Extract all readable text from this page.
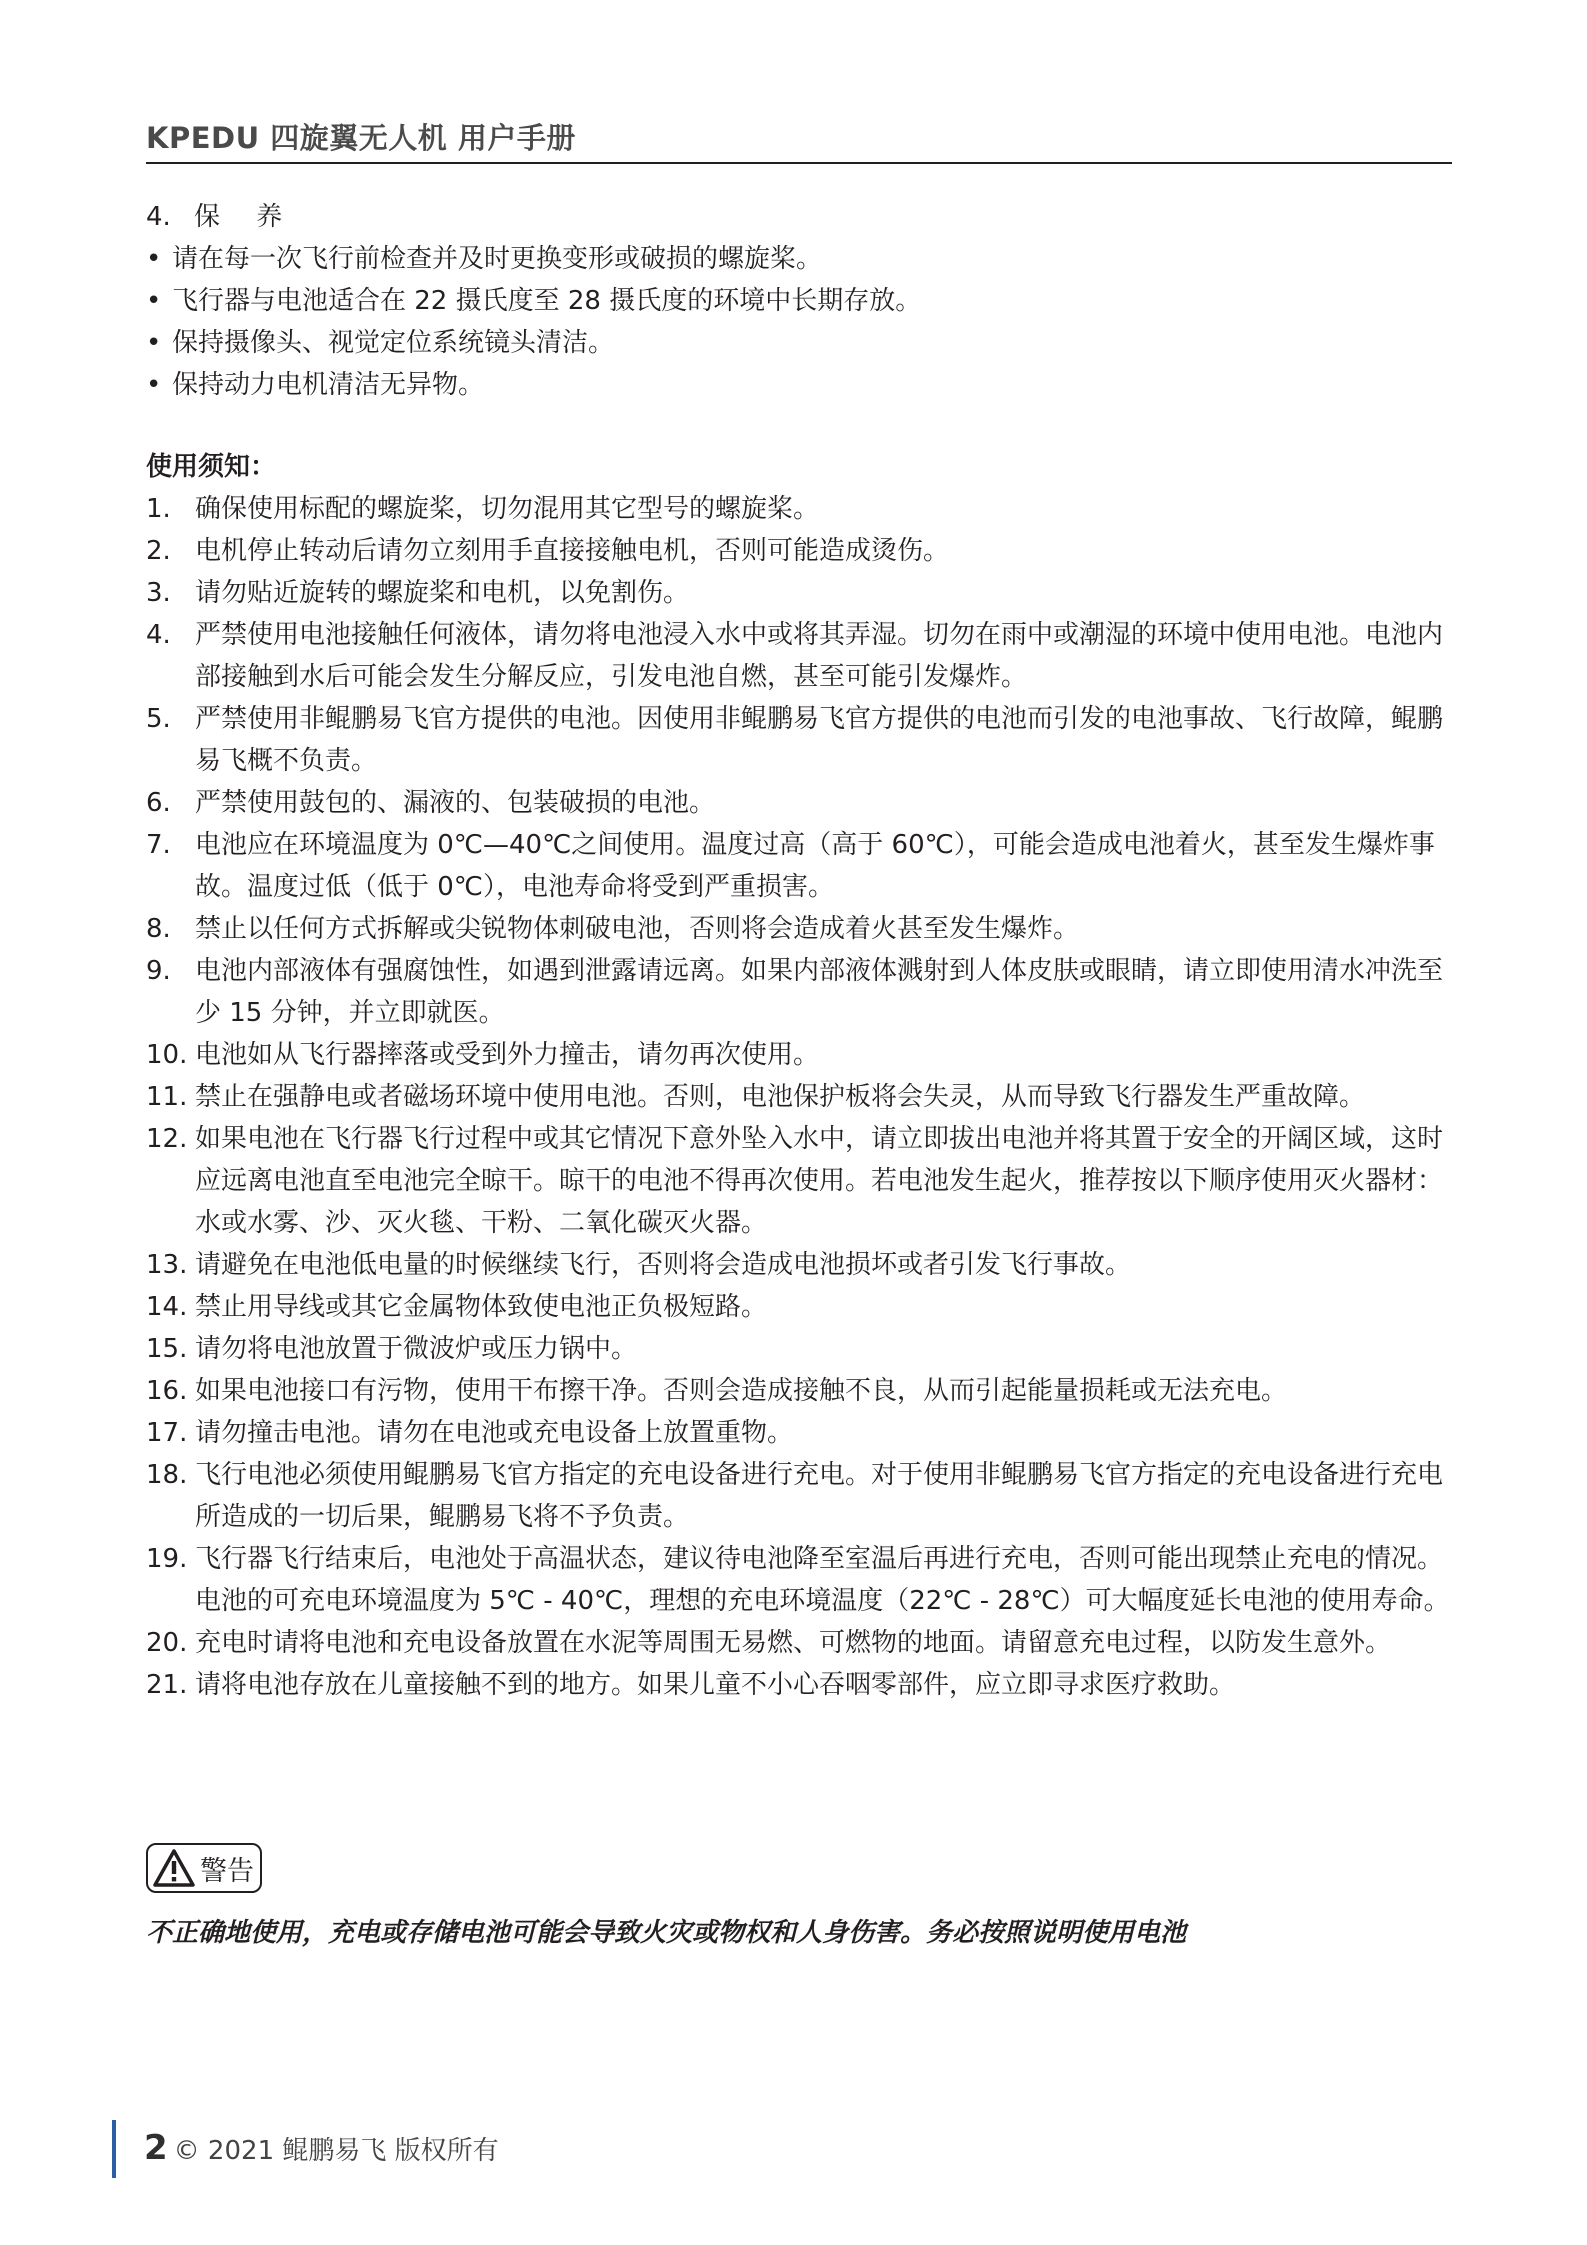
KPEDU 四旋翼无人机 用户手册
4. 保 养
• 请在每一次飞行前检查并及时更换变形或破损的螺旋桨。
• 飞行器与电池适合在 22 摄氏度至 28 摄氏度的环境中长期存放。
• 保持摄像头、视觉定位系统镜头清洁。
• 保持动力电机清洁无异物。
使用须知：
1. 确保使用标配的螺旋桨，切勿混用其它型号的螺旋桨。
2. 电机停止转动后请勿立刻用手直接接触电机，否则可能造成烫伤。
3. 请勿贴近旋转的螺旋桨和电机，以免割伤。
4. 严禁使用电池接触任何液体，请勿将电池浸入水中或将其弄湿。切勿在雨中或潮湿的环境中使用电池。电池内部接触到水后可能会发生分解反应，引发电池自燃，甚至可能引发爆炸。
5. 严禁使用非鲲鹏易飞官方提供的电池。因使用非鲲鹏易飞官方提供的电池而引发的电池事故、飞行故障，鲲鹏易飞概不负责。
6. 严禁使用鼓包的、漏液的、包装破损的电池。
7. 电池应在环境温度为 0℃—40℃之间使用。温度过高（高于 60℃），可能会造成电池着火，甚至发生爆炸事故。温度过低（低于 0℃），电池寿命将受到严重损害。
8. 禁止以任何方式拆解或尖锐物体刺破电池，否则将会造成着火甚至发生爆炸。
9. 电池内部液体有强腐蚀性，如遇到泄露请远离。如果内部液体溅射到人体皮肤或眼睛，请立即使用清水冲洗至少 15 分钟，并立即就医。
10. 电池如从飞行器摔落或受到外力撞击，请勿再次使用。
11. 禁止在强静电或者磁场环境中使用电池。否则，电池保护板将会失灵，从而导致飞行器发生严重故障。
12. 如果电池在飞行器飞行过程中或其它情况下意外坠入水中，请立即拔出电池并将其置于安全的开阔区域，这时应远离电池直至电池完全晾干。晾干的电池不得再次使用。若电池发生起火，推荐按以下顺序使用灭火器材：水或水雾、沙、灭火毯、干粉、二氧化碳灭火器。
13. 请避免在电池低电量的时候继续飞行，否则将会造成电池损坏或者引发飞行事故。
14. 禁止用导线或其它金属物体致使电池正负极短路。
15. 请勿将电池放置于微波炉或压力锅中。
16. 如果电池接口有污物，使用干布擦干净。否则会造成接触不良，从而引起能量损耗或无法充电。
17. 请勿撞击电池。请勿在电池或充电设备上放置重物。
18. 飞行电池必须使用鲲鹏易飞官方指定的充电设备进行充电。对于使用非鲲鹏易飞官方指定的充电设备进行充电所造成的一切后果，鲲鹏易飞将不予负责。
19. 飞行器飞行结束后，电池处于高温状态，建议待电池降至室温后再进行充电，否则可能出现禁止充电的情况。电池的可充电环境温度为 5℃ - 40℃，理想的充电环境温度（22℃ - 28℃）可大幅度延长电池的使用寿命。
20. 充电时请将电池和充电设备放置在水泥等周围无易燃、可燃物的地面。请留意充电过程，以防发生意外。
21. 请将电池存放在儿童接触不到的地方。如果儿童不小心吞咽零部件，应立即寻求医疗救助。
警告
不正确地使用，充电或存储电池可能会导致火灾或物权和人身伤害。务必按照说明使用电池
2 © 2021 鲲鹏易飞 版权所有
